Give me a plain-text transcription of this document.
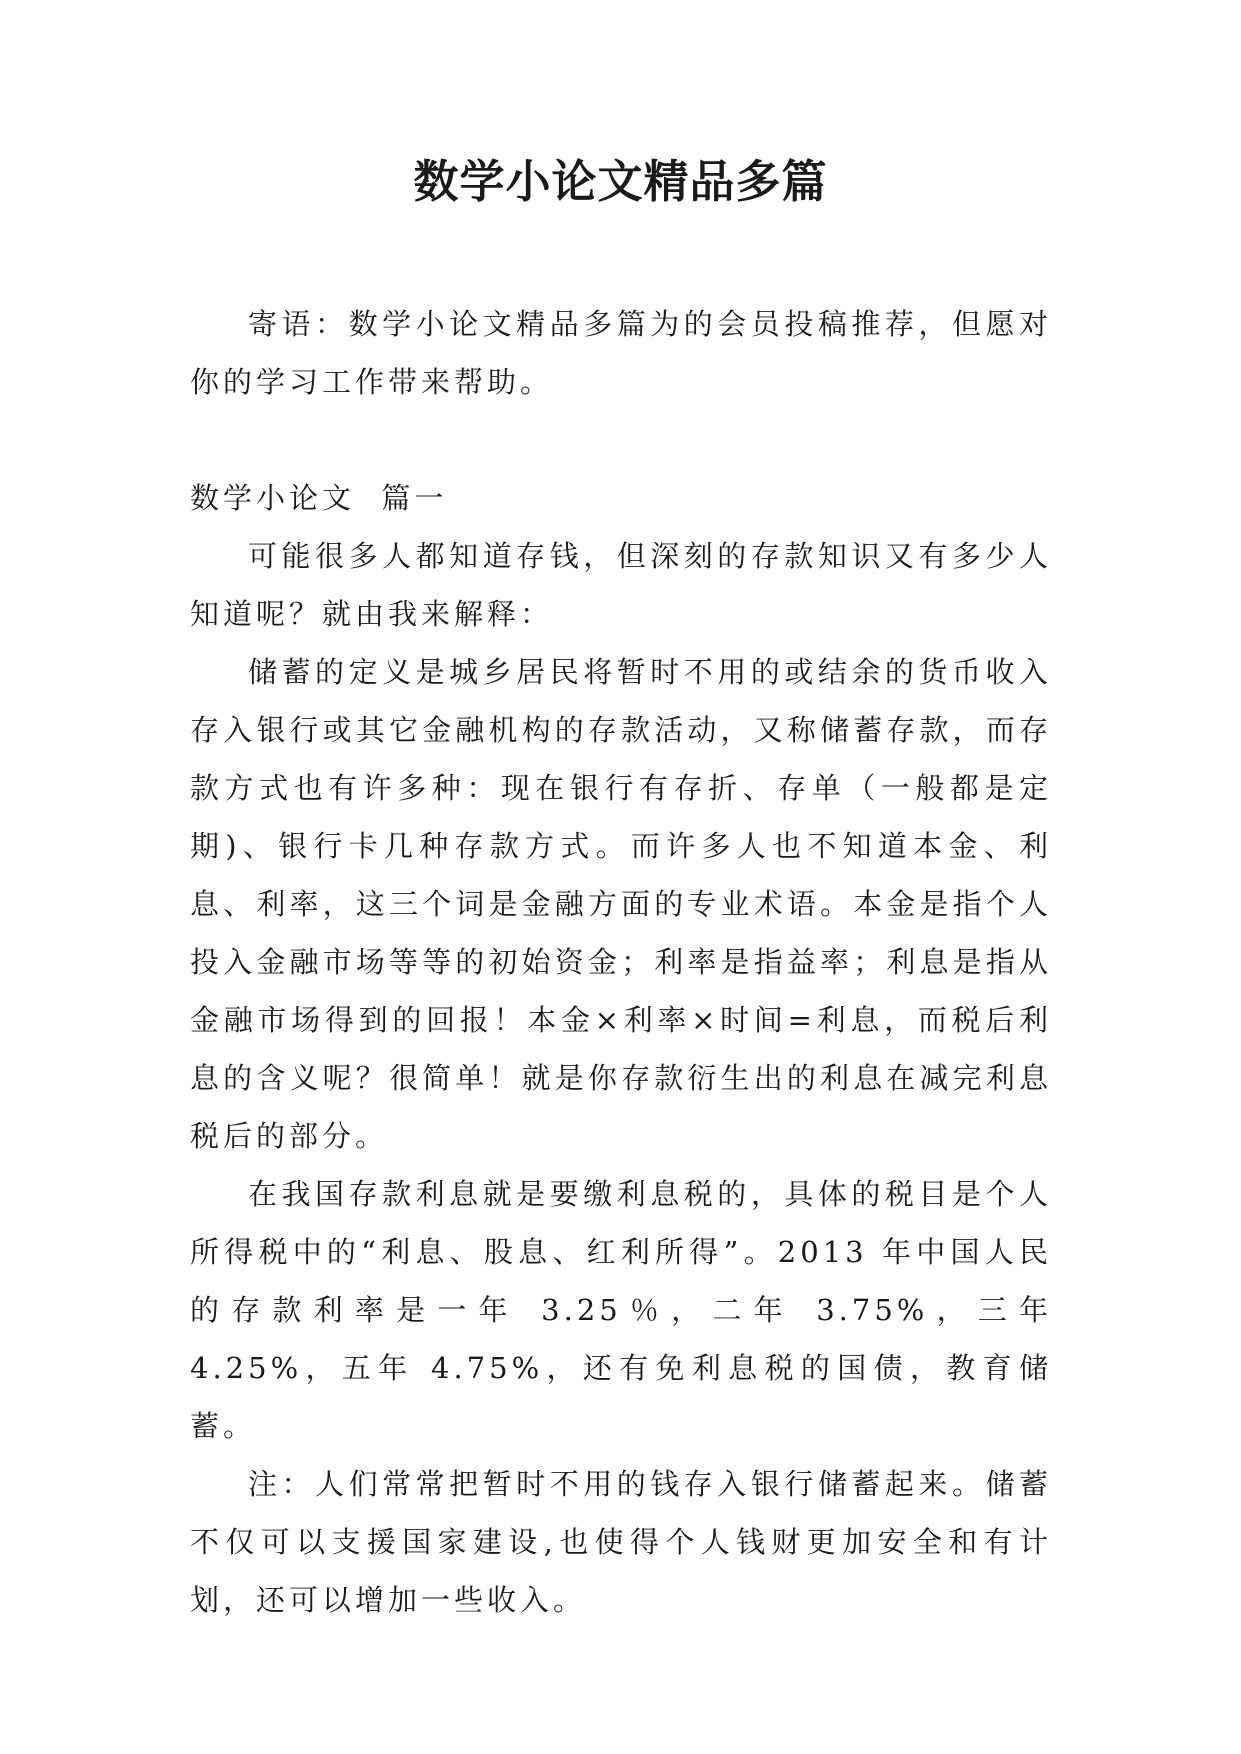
数学小论文精品多篇

寄语：数学小论文精品多篇为的会员投稿推荐，但愿对你的学习工作带来帮助。

数学小论文  篇一

可能很多人都知道存钱，但深刻的存款知识又有多少人知道呢？就由我来解释：

储蓄的定义是城乡居民将暂时不用的或结余的货币收入存入银行或其它金融机构的存款活动，又称储蓄存款，而存款方式也有许多种：现在银行有存折、存单（一般都是定期)、银行卡几种存款方式。而许多人也不知道本金、利息、利率，这三个词是金融方面的专业术语。本金是指个人投入金融市场等等的初始资金；利率是指益率；利息是指从金融市场得到的回报！本金×利率×时间=利息，而税后利息的含义呢？很简单！就是你存款衍生出的利息在减完利息税后的部分。

在我国存款利息就是要缴利息税的，具体的税目是个人所得税中的“利息、股息、红利所得”。2013 年中国人民的存款利率是一年 3.25％，二年 3.75%，三年 4.25%，五年 4.75%，还有免利息税的国债，教育储蓄。

注：人们常常把暂时不用的钱存入银行储蓄起来。储蓄不仅可以支援国家建设,也使得个人钱财更加安全和有计划，还可以增加一些收入。
